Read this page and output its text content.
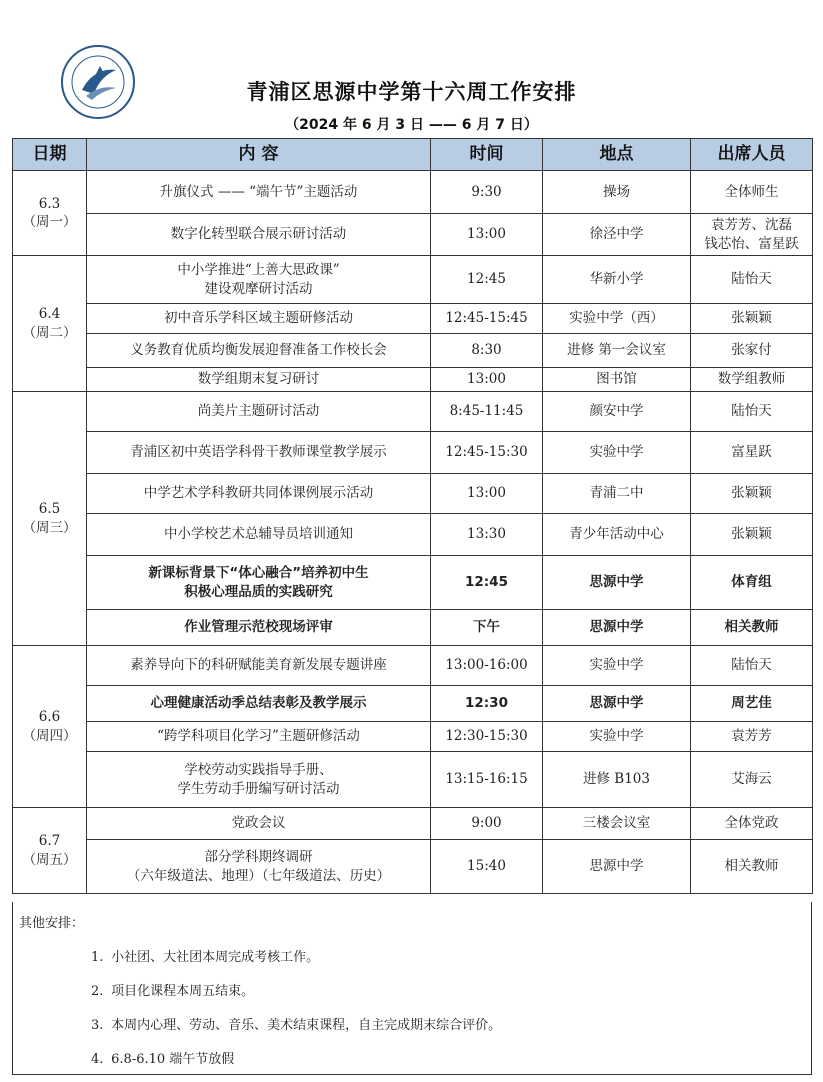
青浦区思源中学第十六周工作安排
（2024 年 6 月 3 日 —— 6 月 7 日）
日期	内 容	时间	地点	出席人员

6.3
（周一）	升旗仪式 —— “端午节”主题活动	9:30	操场	全体师生

	数字化转型联合展示研讨活动	13:00	徐泾中学	袁芳芳、沈磊
钱芯怡、富星跃

6.4
（周二）	中小学推进“上善大思政课”
建设观摩研讨活动	12:45	华新小学	陆怡天

	初中音乐学科区域主题研修活动	12:45-15:45	实验中学（西）	张颖颖

	义务教育优质均衡发展迎督准备工作校长会	8:30	进修 第一会议室	张家付

	数学组期末复习研讨	13:00	图书馆	数学组教师

6.5
（周三）	尚美片主题研讨活动	8:45-11:45	颜安中学	陆怡天

	青浦区初中英语学科骨干教师课堂教学展示	12:45-15:30	实验中学	富星跃

	中学艺术学科教研共同体课例展示活动	13:00	青浦二中	张颖颖

	中小学校艺术总辅导员培训通知	13:30	青少年活动中心	张颖颖

	新课标背景下“体心融合”培养初中生
积极心理品质的实践研究	12:45	思源中学	体育组

	作业管理示范校现场评审	下午	思源中学	相关教师

6.6
（周四）	素养导向下的科研赋能美育新发展专题讲座	13:00-16:00	实验中学	陆怡天

	心理健康活动季总结表彰及教学展示	12:30	思源中学	周艺佳

	“跨学科项目化学习”主题研修活动	12:30-15:30	实验中学	袁芳芳

	学校劳动实践指导手册、
学生劳动手册编写研讨活动	13:15-16:15	进修 B103	艾海云

6.7
（周五）	党政会议	9:00	三楼会议室	全体党政

	部分学科期终调研
（六年级道法、地理）（七年级道法、历史）	15:40	思源中学	相关教师
其他安排：
1. 小社团、大社团本周完成考核工作。
2. 项目化课程本周五结束。
3. 本周内心理、劳动、音乐、美术结束课程，自主完成期末综合评价。
4. 6.8-6.10 端午节放假
